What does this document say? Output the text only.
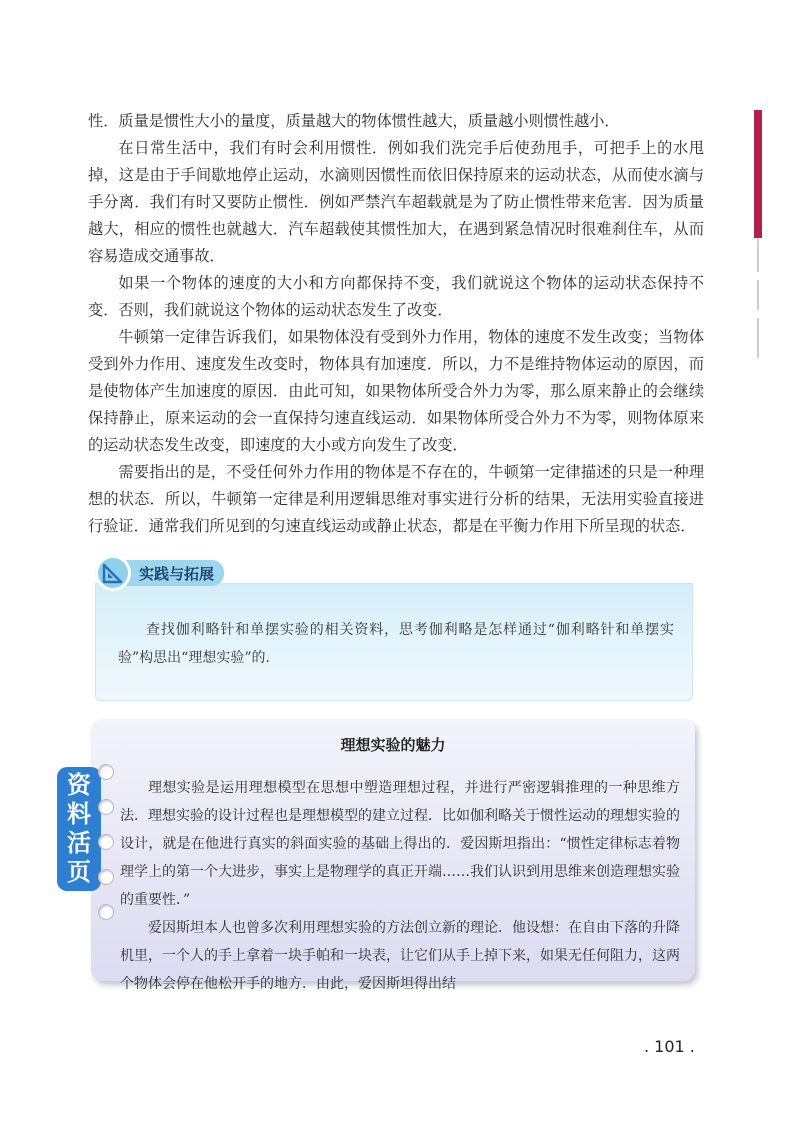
性．质量是惯性大小的量度，质量越大的物体惯性越大，质量越小则惯性越小．

在日常生活中，我们有时会利用惯性．例如我们洗完手后使劲甩手，可把手上的水甩掉，这是由于手间歇地停止运动，水滴则因惯性而依旧保持原来的运动状态，从而使水滴与手分离．我们有时又要防止惯性．例如严禁汽车超载就是为了防止惯性带来危害．因为质量越大，相应的惯性也就越大．汽车超载使其惯性加大，在遇到紧急情况时很难刹住车，从而容易造成交通事故．

如果一个物体的速度的大小和方向都保持不变，我们就说这个物体的运动状态保持不变．否则，我们就说这个物体的运动状态发生了改变．

牛顿第一定律告诉我们，如果物体没有受到外力作用，物体的速度不发生改变；当物体受到外力作用、速度发生改变时，物体具有加速度．所以，力不是维持物体运动的原因，而是使物体产生加速度的原因．由此可知，如果物体所受合外力为零，那么原来静止的会继续保持静止，原来运动的会一直保持匀速直线运动．如果物体所受合外力不为零，则物体原来的运动状态发生改变，即速度的大小或方向发生了改变．

需要指出的是，不受任何外力作用的物体是不存在的，牛顿第一定律描述的只是一种理想的状态．所以，牛顿第一定律是利用逻辑思维对事实进行分析的结果，无法用实验直接进行验证．通常我们所见到的匀速直线运动或静止状态，都是在平衡力作用下所呈现的状态．

实践与拓展

查找伽利略针和单摆实验的相关资料，思考伽利略是怎样通过“伽利略针和单摆实验”构思出“理想实验”的．

资
料
活
页
理想实验的魅力

理想实验是运用理想模型在思想中塑造理想过程，并进行严密逻辑推理的一种思维方法．理想实验的设计过程也是理想模型的建立过程．比如伽利略关于惯性运动的理想实验的设计，就是在他进行真实的斜面实验的基础上得出的．爱因斯坦指出：“惯性定律标志着物理学上的第一个大进步，事实上是物理学的真正开端……我们认识到用思维来创造理想实验的重要性．”

爱因斯坦本人也曾多次利用理想实验的方法创立新的理论．他设想：在自由下落的升降机里，一个人的手上拿着一块手帕和一块表，让它们从手上掉下来，如果无任何阻力，这两个物体会停在他松开手的地方．由此，爱因斯坦得出结

. 101 .
